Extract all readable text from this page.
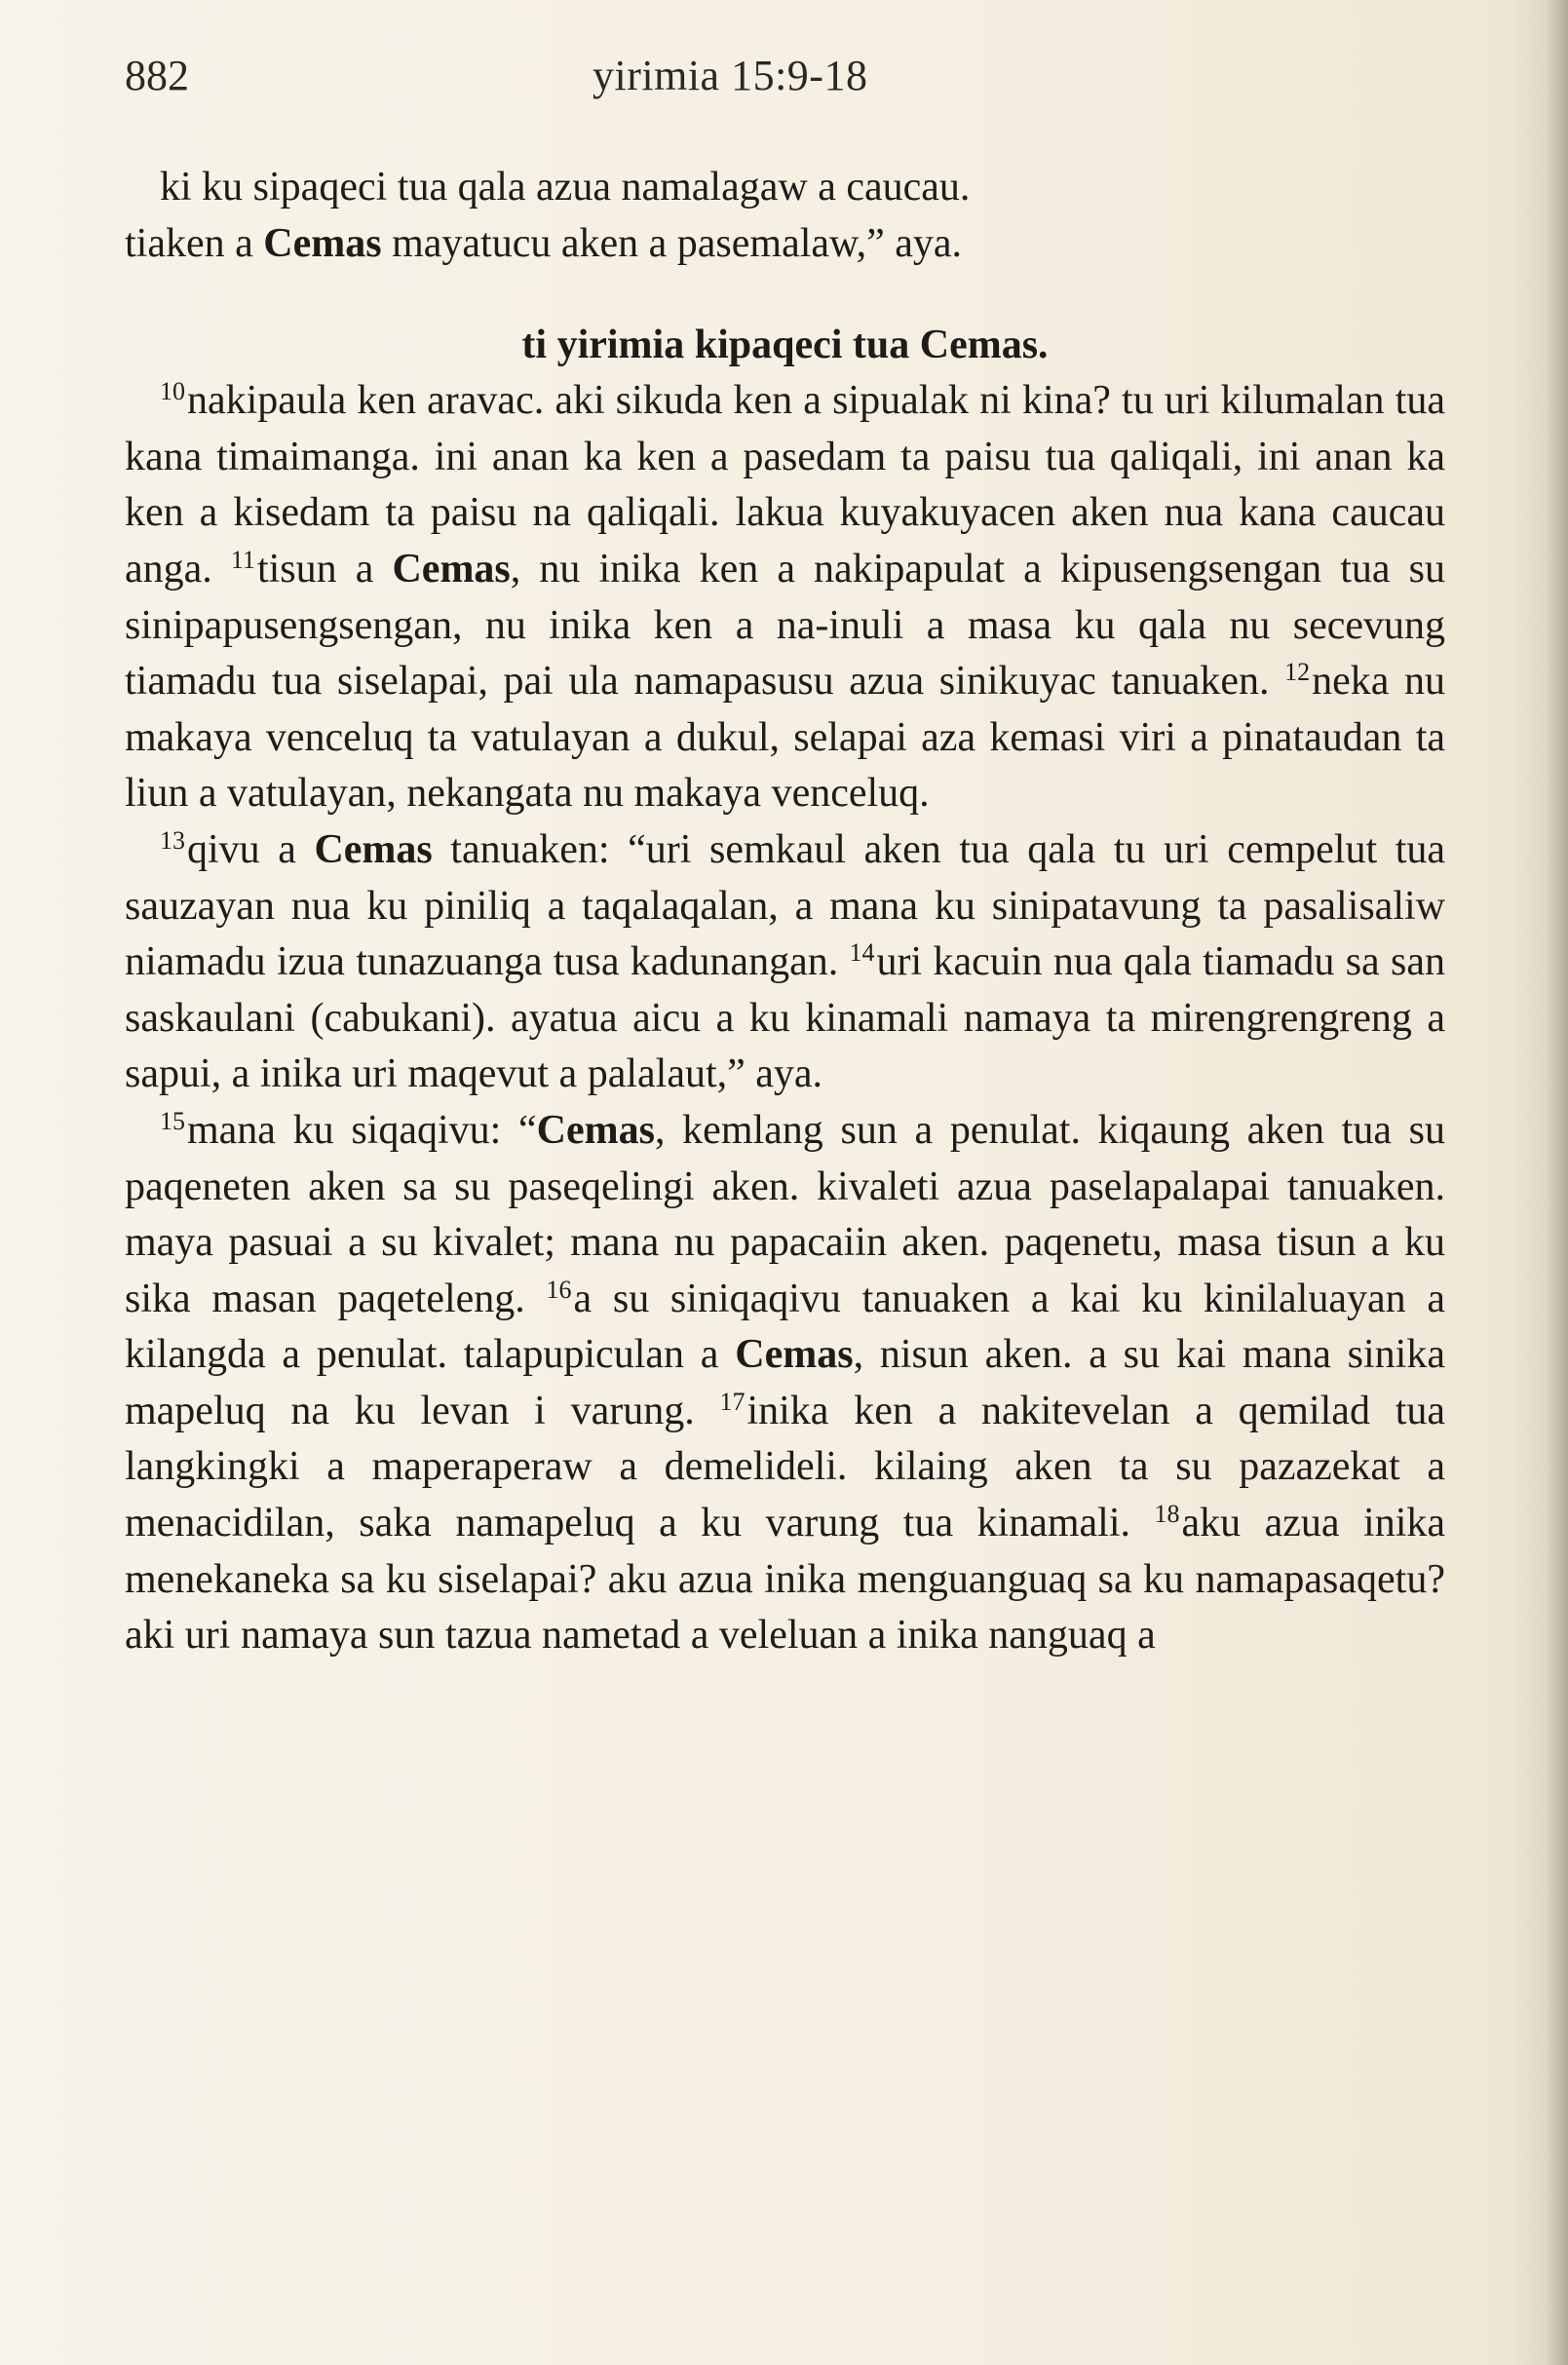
882	yirimia 15:9-18

ki ku sipaqeci tua qala azua namalagaw a caucau.
tiaken a Cemas mayatucu aken a pasemalaw,” aya.

ti yirimia kipaqeci tua Cemas.

$^{10}$nakipaula ken aravac. aki sikuda ken a sipualak ni kina? tu uri kilumalan tua kana timaimanga. ini anan ka ken a pasedam ta paisu tua qaliqali, ini anan ka ken a kisedam ta paisu na qaliqali. lakua kuyakuyacen aken nua kana caucau anga. $^{11}$tisun a Cemas, nu inika ken a nakipapulat a kipusengsengan tua su sinipapusengsengan, nu inika ken a na-inuli a masa ku qala nu secevung tiamadu tua siselapai, pai ula namapasusu azua sinikuyac tanuaken. $^{12}$neka nu makaya venceluq ta vatulayan a dukul, selapai aza kemasi viri a pinataudan ta liun a vatulayan, nekangata nu makaya venceluq.

$^{13}$qivu a Cemas tanuaken: “uri semkaul aken tua qala tu uri cempelut tua sauzayan nua ku piniliq a taqalaqalan, a mana ku sinipatavung ta pasalisaliw niamadu izua tunazuanga tusa kadunangan. $^{14}$uri kacuin nua qala tiamadu sa san saskaulani (cabukani). ayatua aicu a ku kinamali namaya ta mirengrengreng a sapui, a inika uri maqevut a palalaut,” aya.

$^{15}$mana ku siqaqivu: “Cemas, kemlang sun a penulat. kiqaung aken tua su paqeneten aken sa su paseqelingi aken. kivaleti azua paselapalapai tanuaken. maya pasuai a su kivalet; mana nu papacaiin aken. paqenetu, masa tisun a ku sika masan paqeteleng. $^{16}$a su siniqaqivu tanuaken a kai ku kinilaluayan a kilangda a penulat. talapupiculan a Cemas, nisun aken. a su kai mana sinika mapeluq na ku levan i varung. $^{17}$inika ken a nakitevelan a qemilad tua langkingki a maperaperaw a demelideli. kilaing aken ta su pazazekat a menacidilan, saka namapeluq a ku varung tua kinamali. $^{18}$aku azua inika menekaneka sa ku siselapai? aku azua inika menguanguaq sa ku namapasaqetu? aki uri namaya sun tazua nametad a veleluan a inika nanguaq a
